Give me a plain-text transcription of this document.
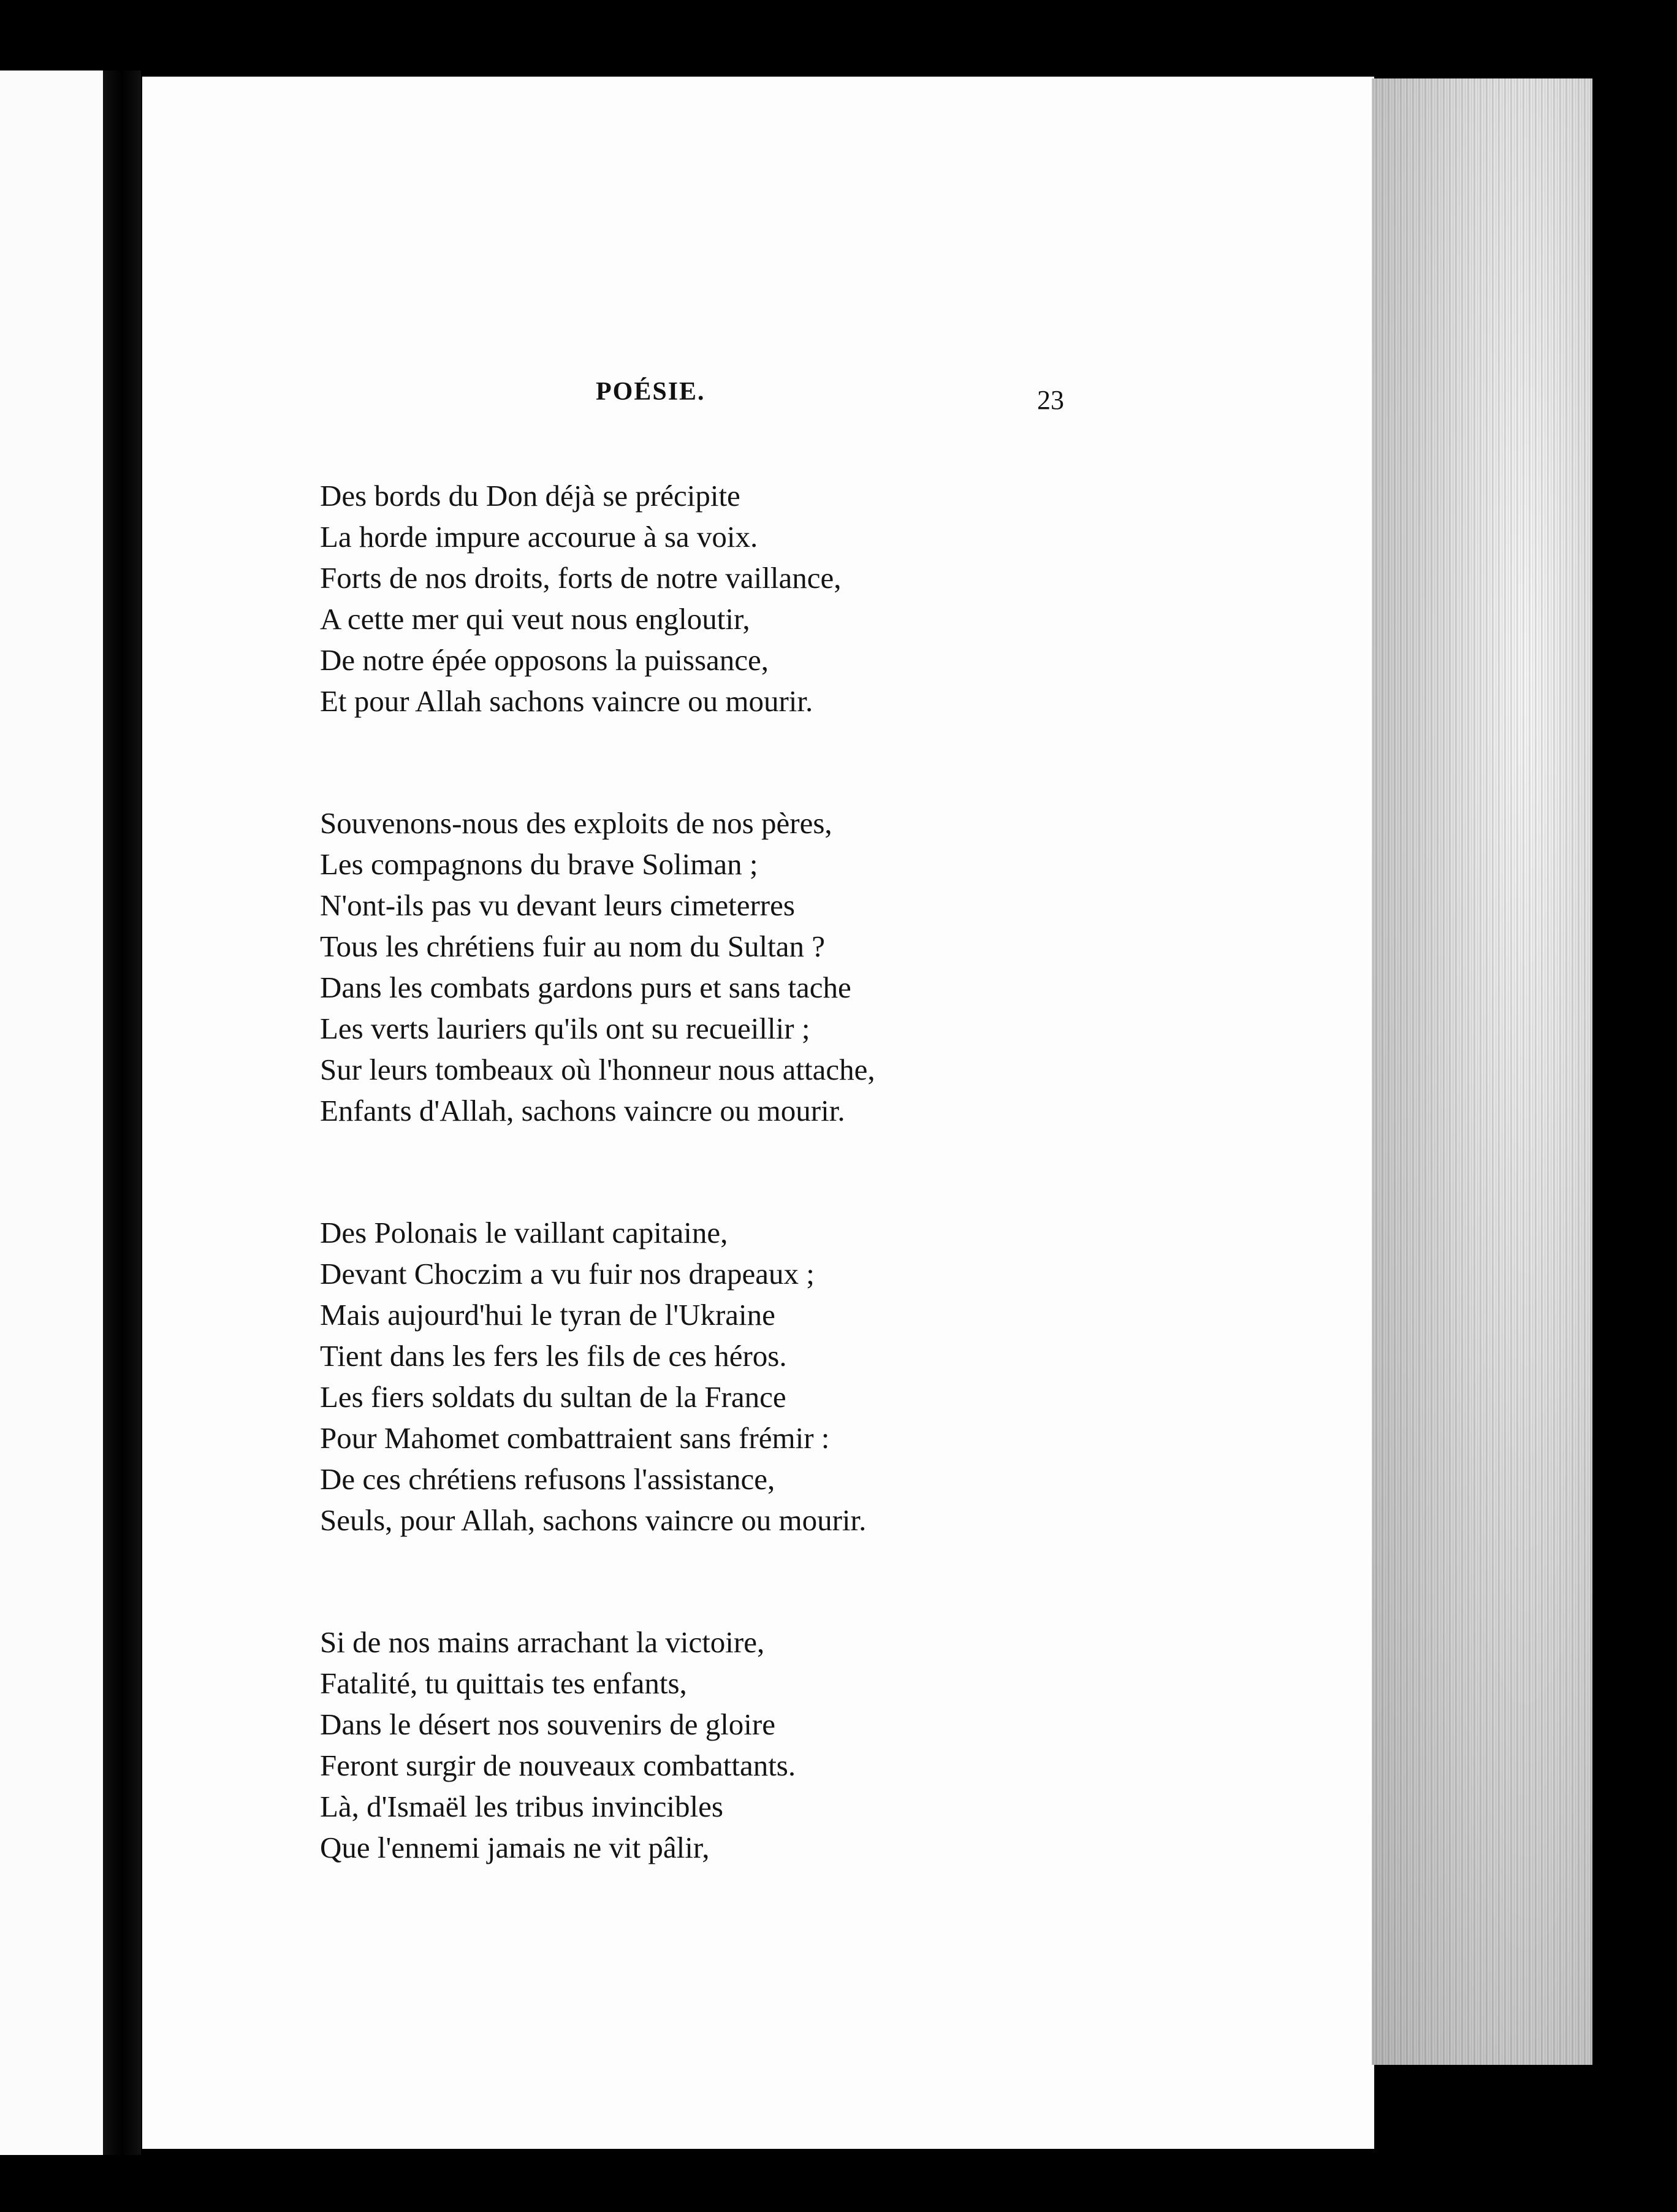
POÉSIE.	23
Des bords du Don déjà se précipite
La horde impure accourue à sa voix.
Forts de nos droits, forts de notre vaillance,
A cette mer qui veut nous engloutir,
De notre épée opposons la puissance,
Et pour Allah sachons vaincre ou mourir.
Souvenons-nous des exploits de nos pères,
Les compagnons du brave Soliman ;
N'ont-ils pas vu devant leurs cimeterres
Tous les chrétiens fuir au nom du Sultan ?
Dans les combats gardons purs et sans tache
Les verts lauriers qu'ils ont su recueillir ;
Sur leurs tombeaux où l'honneur nous attache,
Enfants d'Allah, sachons vaincre ou mourir.
Des Polonais le vaillant capitaine,
Devant Choczim a vu fuir nos drapeaux ;
Mais aujourd'hui le tyran de l'Ukraine
Tient dans les fers les fils de ces héros.
Les fiers soldats du sultan de la France
Pour Mahomet combattraient sans frémir :
De ces chrétiens refusons l'assistance,
Seuls, pour Allah, sachons vaincre ou mourir.
Si de nos mains arrachant la victoire,
Fatalité, tu quittais tes enfants,
Dans le désert nos souvenirs de gloire
Feront surgir de nouveaux combattants.
Là, d'Ismaël les tribus invincibles
Que l'ennemi jamais ne vit pâlir,
